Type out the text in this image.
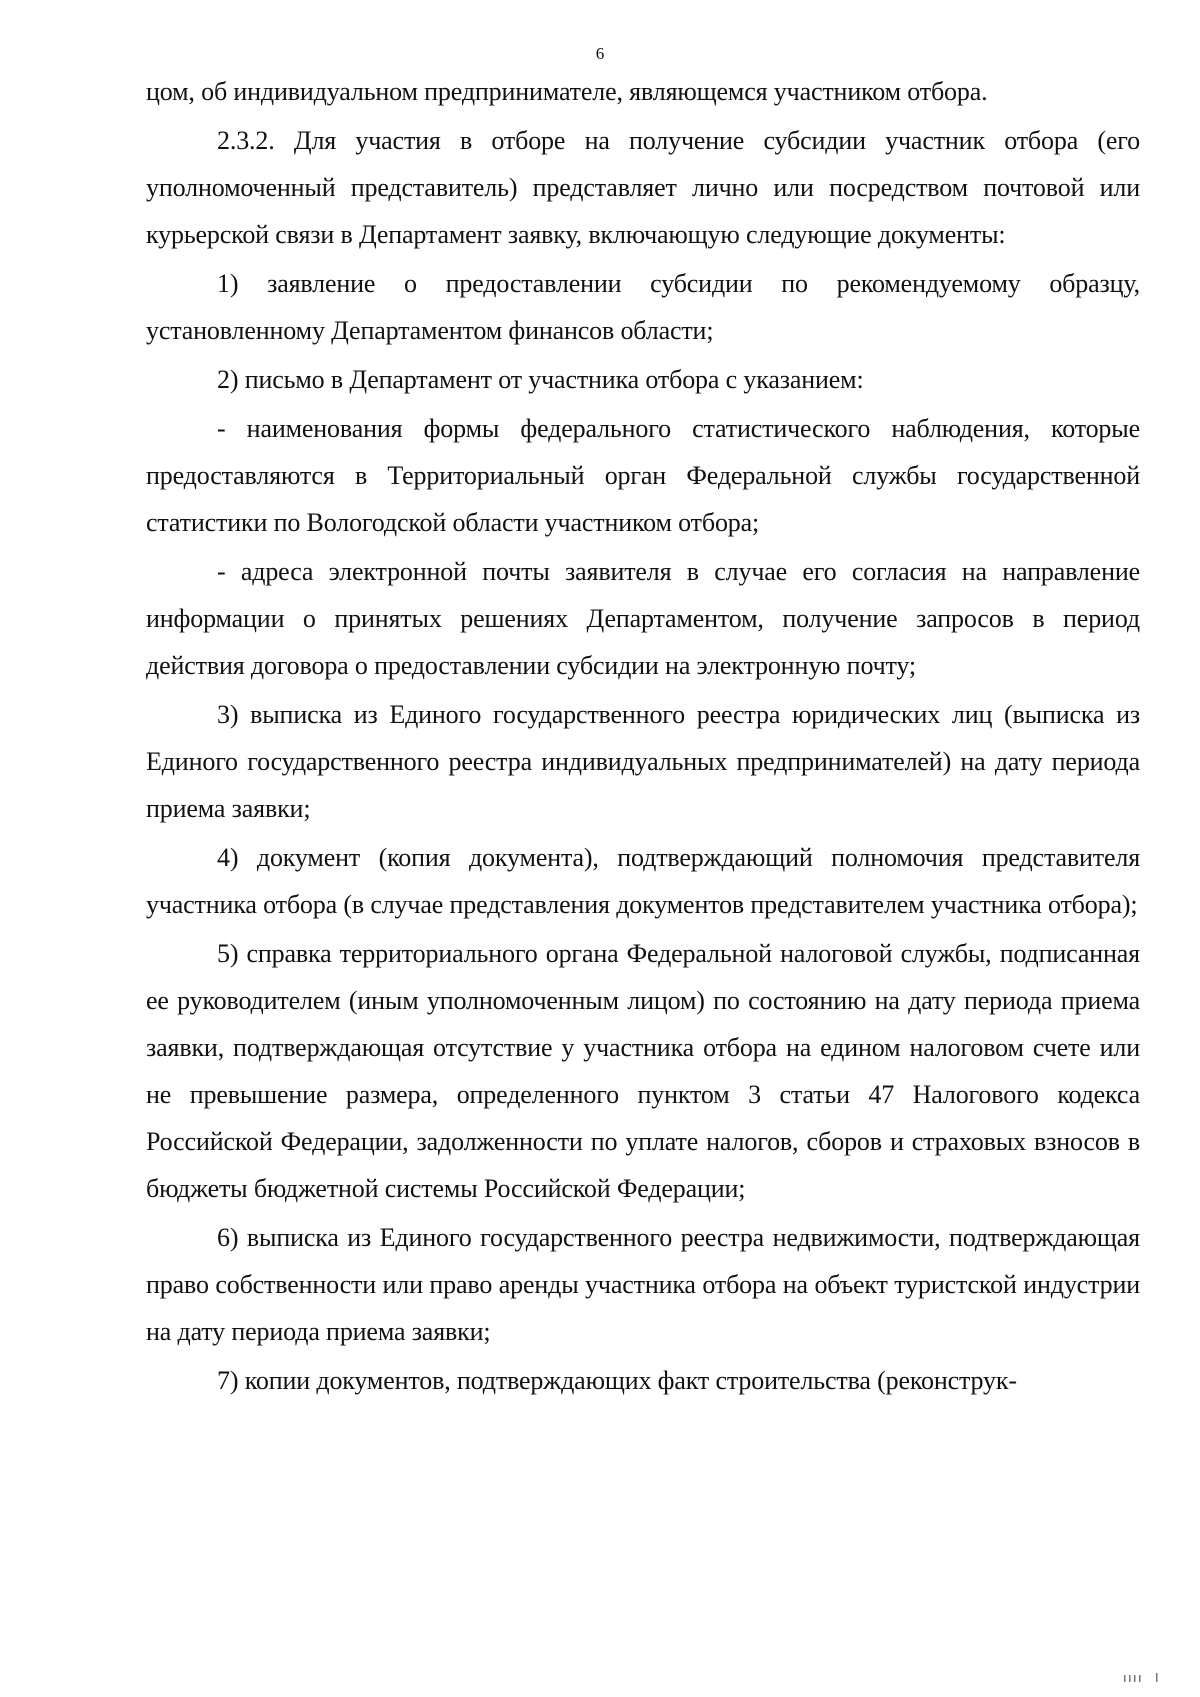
6

цом, об индивидуальном предпринимателе, являющемся участником отбора.

2.3.2. Для участия в отборе на получение субсидии участник отбора (его уполномоченный представитель) представляет лично или посредством почтовой или курьерской связи в Департамент заявку, включающую следующие документы:

1) заявление о предоставлении субсидии по рекомендуемому образцу, установленному Департаментом финансов области;

2) письмо в Департамент от участника отбора с указанием:

- наименования формы федерального статистического наблюдения, которые предоставляются в Территориальный орган Федеральной службы государственной статистики по Вологодской области участником отбора;

- адреса электронной почты заявителя в случае его согласия на направление информации о принятых решениях Департаментом, получение запросов в период действия договора о предоставлении субсидии на электронную почту;

3) выписка из Единого государственного реестра юридических лиц (выписка из Единого государственного реестра индивидуальных предпринимателей) на дату периода приема заявки;

4) документ (копия документа), подтверждающий полномочия представителя участника отбора (в случае представления документов представителем участника отбора);

5) справка территориального органа Федеральной налоговой службы, подписанная ее руководителем (иным уполномоченным лицом) по состоянию на дату периода приема заявки, подтверждающая отсутствие у участника отбора на едином налоговом счете или не превышение размера, определенного пунктом 3 статьи 47 Налогового кодекса Российской Федерации, задолженности по уплате налогов, сборов и страховых взносов в бюджеты бюджетной системы Российской Федерации;

6) выписка из Единого государственного реестра недвижимости, подтверждающая право собственности или право аренды участника отбора на объект туристской индустрии на дату периода приема заявки;

7) копии документов, подтверждающих факт строительства (реконструк-
